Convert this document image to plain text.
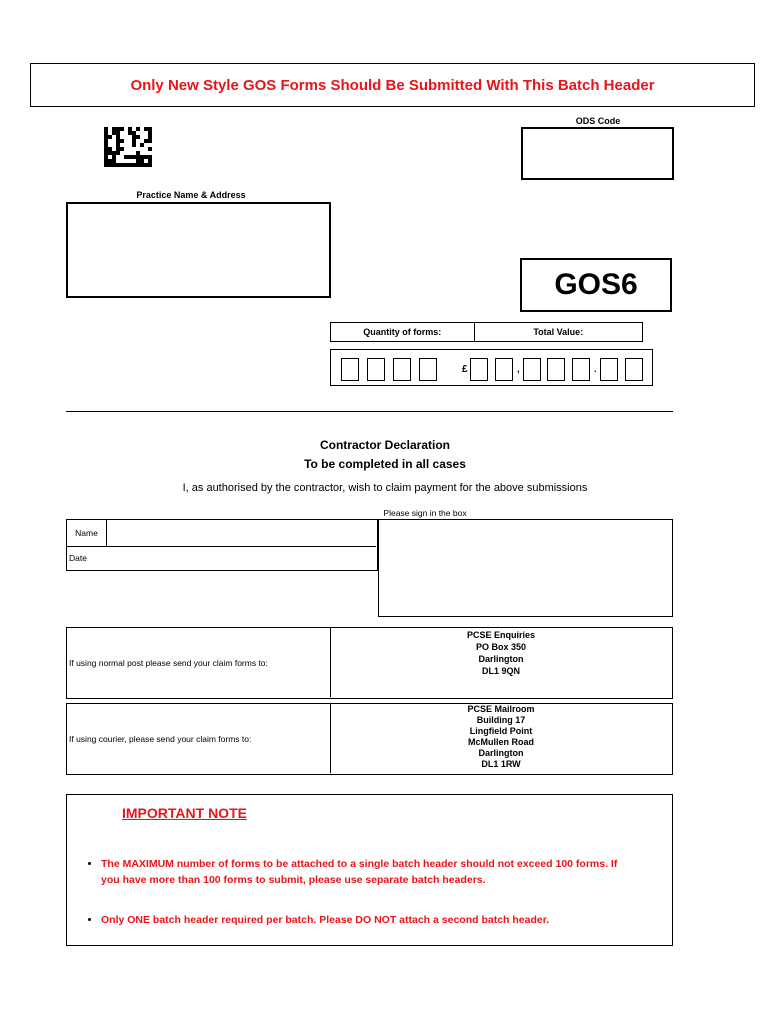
Only New Style GOS Forms Should Be Submitted With This Batch Header
ODS Code
Practice Name & Address
GOS6
Quantity of forms:	Total Value:
£	,	.
Contractor Declaration
To be completed in all cases
I, as authorised by the contractor, wish to claim payment for the above submissions
Please sign in the box
Name
Date
If using normal post please send your claim forms to:
PCSE Enquiries
PO Box 350
Darlington
DL1 9QN
If using courier, please send your claim forms to:
PCSE Mailroom
Building 17
Lingfield Point
McMullen Road
Darlington
DL1 1RW
IMPORTANT NOTE
• The MAXIMUM number of forms to be attached to a single batch header should not exceed 100 forms. If you have more than 100 forms to submit, please use separate batch headers.
• Only ONE batch header required per batch. Please DO NOT attach a second batch header.
